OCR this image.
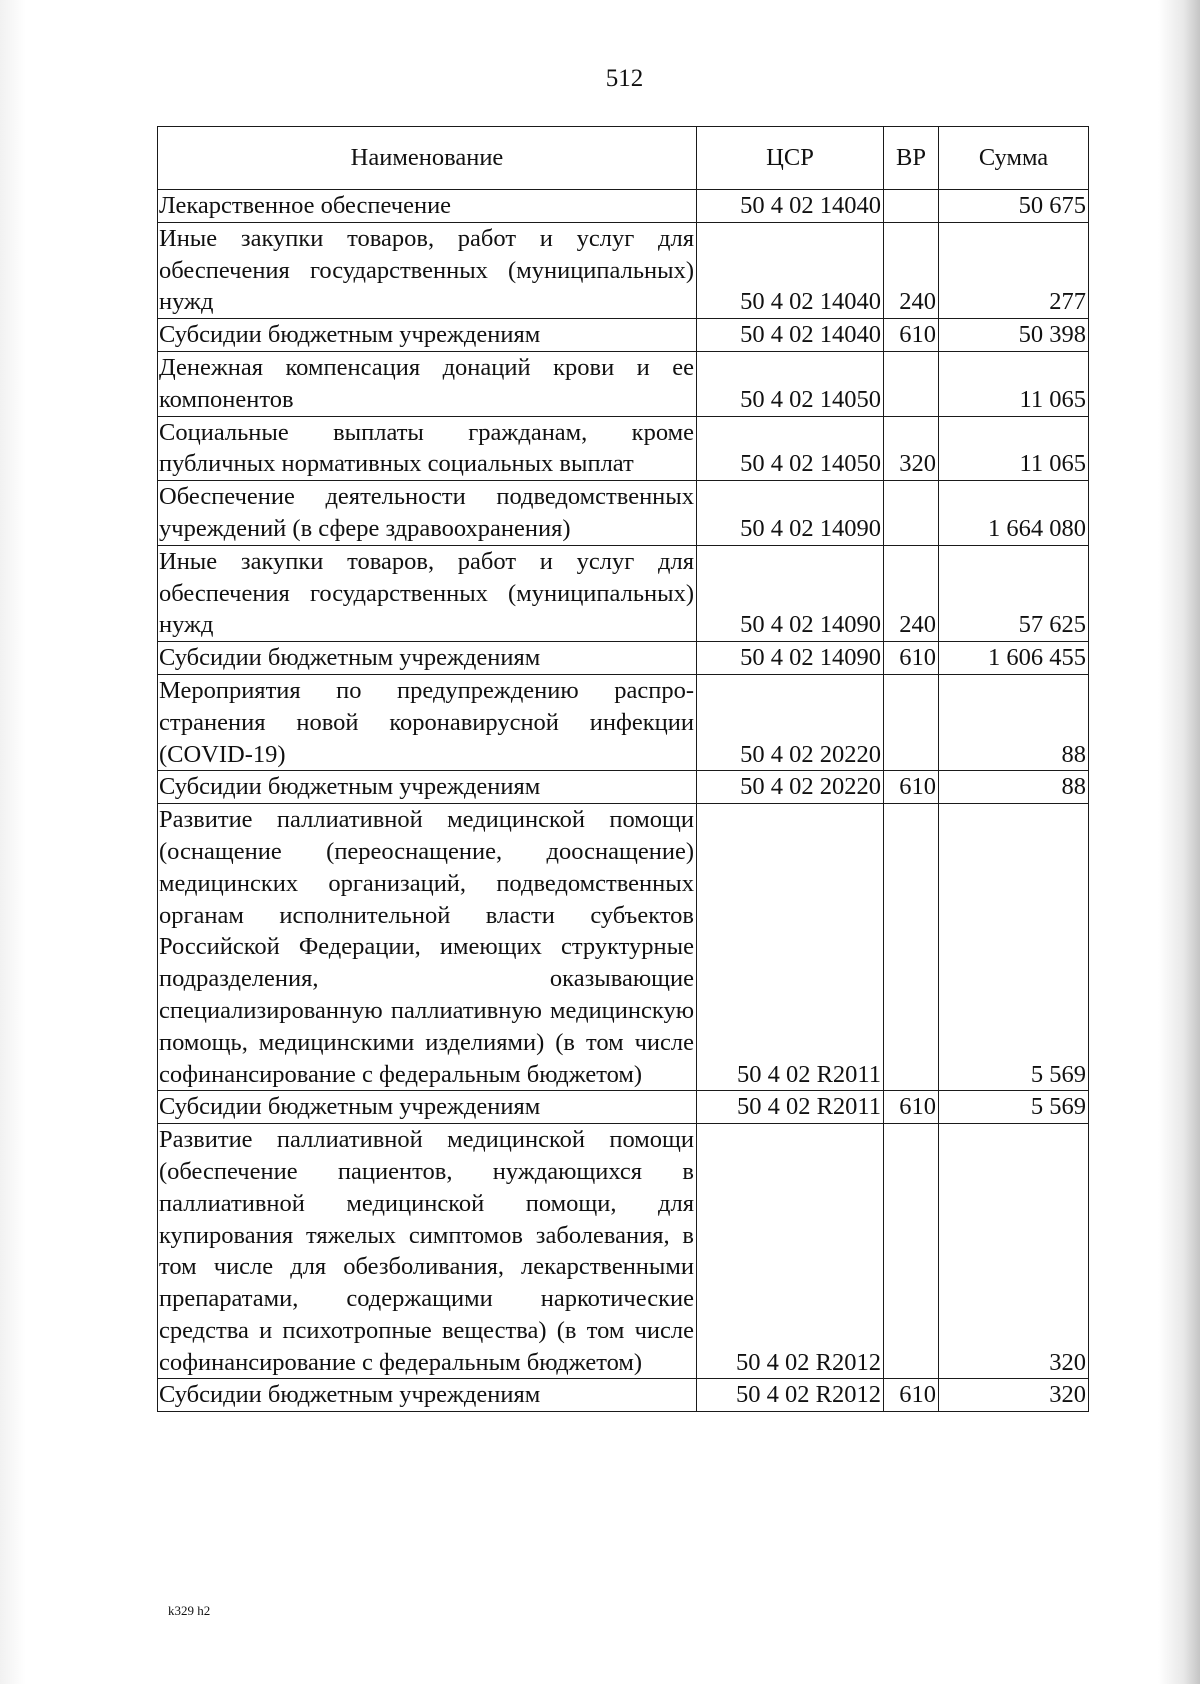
512
Наименование	ЦСР	ВР	Сумма
Лекарственное обеспечение	50 4 02 14040		50 675
Иные закупки товаров, работ и услуг для обеспечения государственных (муниципальных) нужд	50 4 02 14040	240	277
Субсидии бюджетным учреждениям	50 4 02 14040	610	50 398
Денежная компенсация донаций крови и ее компонентов	50 4 02 14050		11 065
Социальные выплаты гражданам, кроме публичных нормативных социальных выплат	50 4 02 14050	320	11 065
Обеспечение деятельности подведомственных учреждений (в сфере здравоохранения)	50 4 02 14090		1 664 080
Иные закупки товаров, работ и услуг для обеспечения государственных (муниципальных) нужд	50 4 02 14090	240	57 625
Субсидии бюджетным учреждениям	50 4 02 14090	610	1 606 455
Мероприятия по предупреждению распространения новой коронавирусной инфекции (COVID-19)	50 4 02 20220		88
Субсидии бюджетным учреждениям	50 4 02 20220	610	88
Развитие паллиативной медицинской помощи (оснащение (переоснащение, дооснащение) медицинских организаций, подведомственных органам исполнительной власти субъектов Российской Федерации, имеющих структурные подразделения, оказывающие специализированную паллиативную медицинскую помощь, медицинскими изделиями) (в том числе софинансирование с федеральным бюджетом)	50 4 02 R2011		5 569
Субсидии бюджетным учреждениям	50 4 02 R2011	610	5 569
Развитие паллиативной медицинской помощи (обеспечение пациентов, нуждающихся в паллиативной медицинской помощи, для купирования тяжелых симптомов заболевания, в том числе для обезболивания, лекарственными препаратами, содержащими наркотические средства и психотропные вещества) (в том числе софинансирование с федеральным бюджетом)	50 4 02 R2012		320
Субсидии бюджетным учреждениям	50 4 02 R2012	610	320
k329 h2
